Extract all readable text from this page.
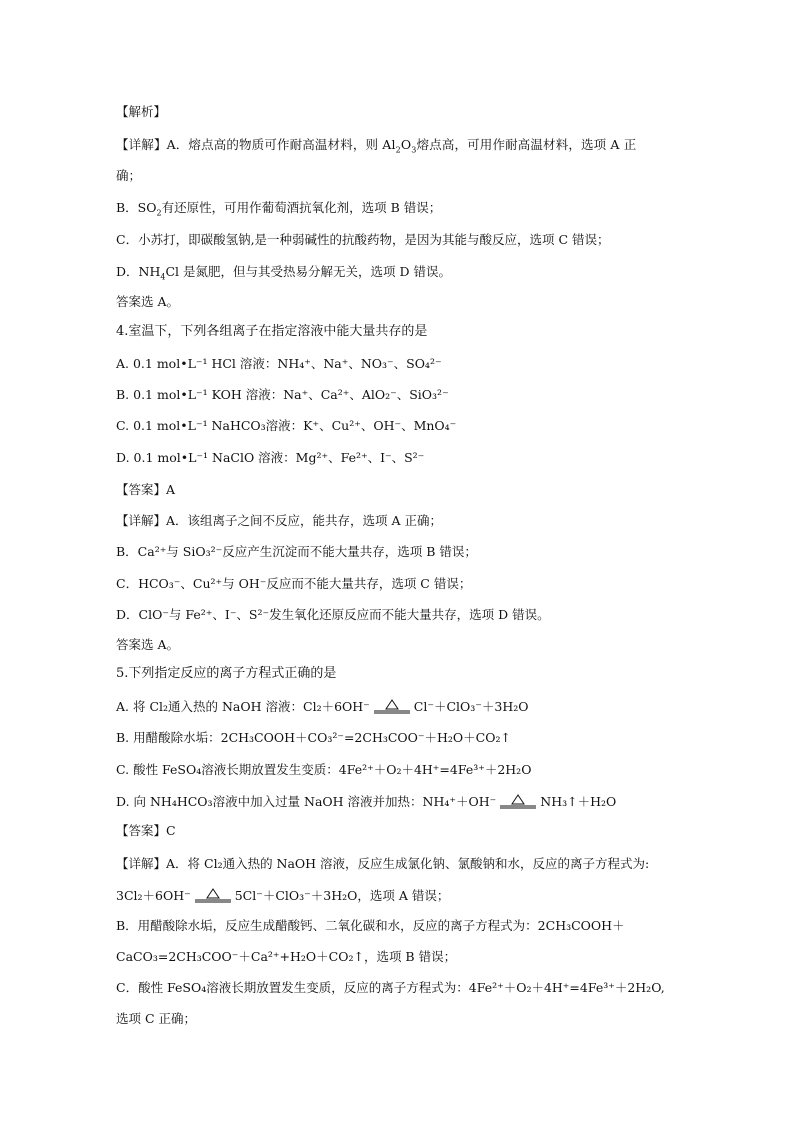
【解析】
【详解】A．熔点高的物质可作耐高温材料，则 $Al_2O_3$熔点高，可用作耐高温材料，选项 A 正
确；
B．$SO_2$有还原性，可用作葡萄酒抗氧化剂，选项 B 错误；
C．小苏打，即碳酸氢钠,是一种弱碱性的抗酸药物，是因为其能与酸反应，选项 C 错误；
D．$NH_4Cl$ 是氮肥，但与其受热易分解无关，选项 D 错误。
答案选 A。
4.室温下，下列各组离子在指定溶液中能大量共存的是
A. 0.1 mol•L⁻¹ HCl 溶液：NH₄⁺、Na⁺、NO₃⁻、SO₄²⁻
B. 0.1 mol•L⁻¹ KOH 溶液：Na⁺、Ca²⁺、AlO₂⁻、SiO₃²⁻
C. 0.1 mol•L⁻¹ NaHCO₃溶液：K⁺、Cu²⁺、OH⁻、MnO₄⁻
D. 0.1 mol•L⁻¹ NaClO 溶液：Mg²⁺、Fe²⁺、I⁻、S²⁻
【答案】A
【详解】A．该组离子之间不反应，能共存，选项 A 正确；
B．Ca²⁺与 SiO₃²⁻反应产生沉淀而不能大量共存，选项 B 错误；
C．HCO₃⁻、Cu²⁺与 OH⁻反应而不能大量共存，选项 C 错误；
D．ClO⁻与 Fe²⁺、I⁻、S²⁻发生氧化还原反应而不能大量共存，选项 D 错误。
答案选 A。
5.下列指定反应的离子方程式正确的是
A. 将 Cl₂通入热的 NaOH 溶液：Cl₂＋6OH⁻	Cl⁻＋ClO₃⁻＋3H₂O
B. 用醋酸除水垢：2CH₃COOH＋CO₃²⁻=2CH₃COO⁻＋H₂O＋CO₂↑
C. 酸性 FeSO₄溶液长期放置发生变质：4Fe²⁺＋O₂＋4H⁺=4Fe³⁺＋2H₂O
D. 向 NH₄HCO₃溶液中加入过量 NaOH 溶液并加热：NH₄⁺＋OH⁻	NH₃↑＋H₂O
【答案】C
【详解】A．将 Cl₂通入热的 NaOH 溶液，反应生成氯化钠、氯酸钠和水，反应的离子方程式为:
3Cl₂＋6OH⁻	5Cl⁻＋ClO₃⁻＋3H₂O，选项 A 错误；
B．用醋酸除水垢，反应生成醋酸钙、二氧化碳和水，反应的离子方程式为：2CH₃COOH＋
CaCO₃=2CH₃COO⁻＋Ca²⁺+H₂O＋CO₂↑，选项 B 错误；
C．酸性 FeSO₄溶液长期放置发生变质，反应的离子方程式为：4Fe²⁺＋O₂＋4H⁺=4Fe³⁺＋2H₂O,
选项 C 正确；
